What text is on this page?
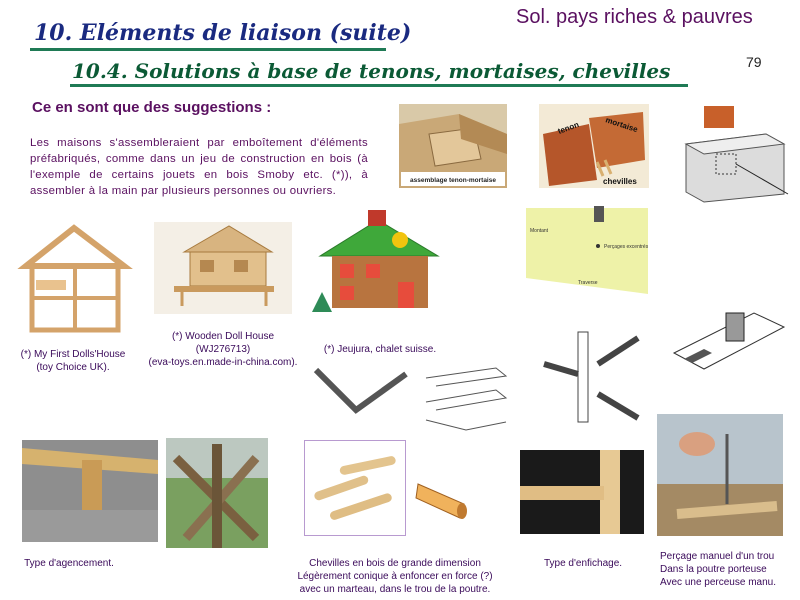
Sol. pays riches & pauvres
79
10. Eléments de liaison (suite)
10.4. Solutions à base de tenons, mortaises, chevilles
Ce en sont que des suggestions :
Les maisons s'assembleraient par emboîtement d'éléments préfabriqués, comme dans un jeu de construction en bois (à l'exemple de certains jouets en bois Smoby etc. (*)), à assembler à la main par plusieurs personnes ou ouvriers.
assemblage tenon-mortaise
tenon	mortaise
chevilles
(*) My First Dolls'House
(toy Choice UK).
(*) Wooden Doll House
(WJ276713)
(eva-toys.en.made-in-china.com).
(*) Jeujura, chalet suisse.
Montant
Perçages excentrés
Traverse
Type d'agencement.	Chevilles en bois de grande dimension
Légèrement conique à enfoncer en force (?)
avec un marteau, dans le trou de la poutre.
Type d'enfichage.
Perçage manuel d'un trou
Dans la poutre porteuse
Avec une perceuse manu.
